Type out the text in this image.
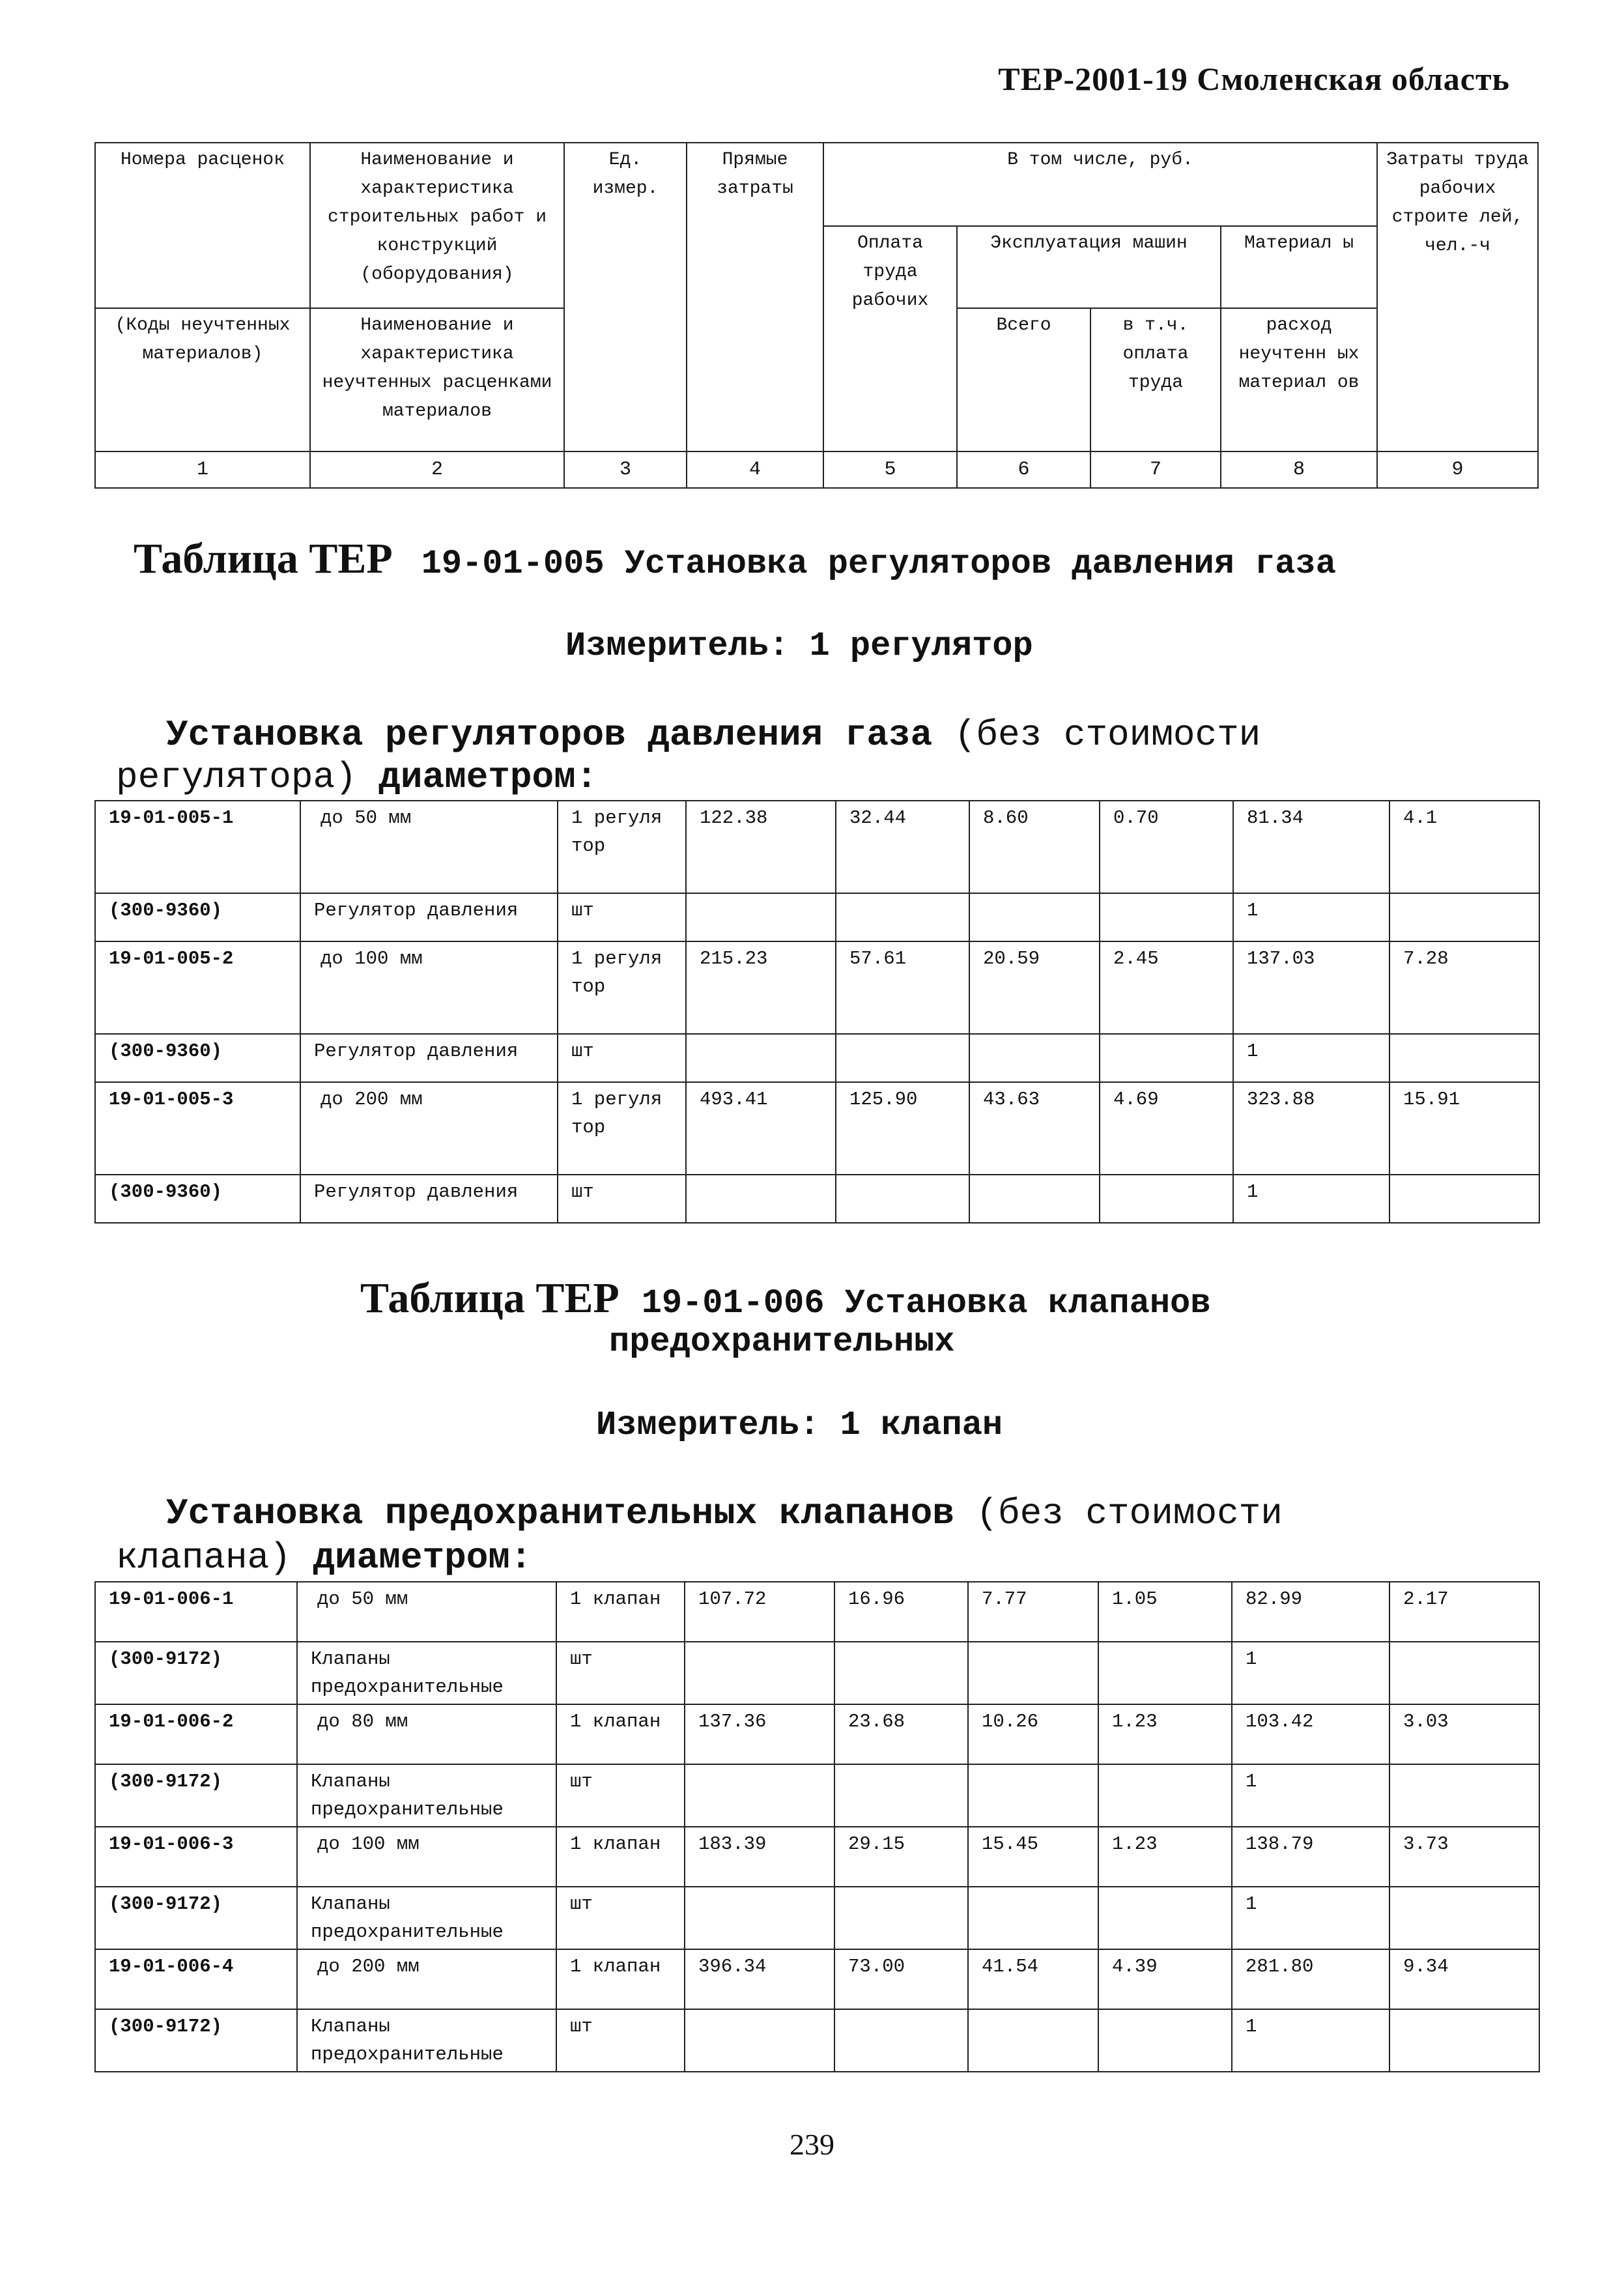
ТЕР-2001-19 Смоленская область
Номера расценок	Наименование и характеристика строительных работ и конструкций (оборудования)	Ед. измер.	Прямые затраты	В том числе, руб.				Затраты труда рабочих строите лей, чел.-ч
				Оплата труда рабочих	Эксплуатация машин		Материал ы	
(Коды неучтенных материалов)	Наименование и характеристика неучтенных расценками материалов				Всего	в т.ч. оплата труда	расход неучтенн ых материал ов	
1	2	3	4	5	6	7	8	9
Таблица ТЕР 19-01-005 Установка регуляторов давления газа
Измеритель: 1 регулятор
Установка регуляторов давления газа (без стоимости
регулятора) диаметром:
19-01-005-1	до 50 мм	1 регуля тор	122.38	32.44	8.60	0.70	81.34	4.1
(300-9360)	Регулятор давления	шт					1	
19-01-005-2	до 100 мм	1 регуля тор	215.23	57.61	20.59	2.45	137.03	7.28
(300-9360)	Регулятор давления	шт					1	
19-01-005-3	до 200 мм	1 регуля тор	493.41	125.90	43.63	4.69	323.88	15.91
(300-9360)	Регулятор давления	шт					1	
Таблица ТЕР 19-01-006 Установка клапанов
предохранительных
Измеритель: 1 клапан
Установка предохранительных клапанов (без стоимости
клапана) диаметром:
19-01-006-1	до 50 мм	1 клапан	107.72	16.96	7.77	1.05	82.99	2.17
(300-9172)	Клапаны предохранительные	шт					1	
19-01-006-2	до 80 мм	1 клапан	137.36	23.68	10.26	1.23	103.42	3.03
(300-9172)	Клапаны предохранительные	шт					1	
19-01-006-3	до 100 мм	1 клапан	183.39	29.15	15.45	1.23	138.79	3.73
(300-9172)	Клапаны предохранительные	шт					1	
19-01-006-4	до 200 мм	1 клапан	396.34	73.00	41.54	4.39	281.80	9.34
(300-9172)	Клапаны предохранительные	шт					1	
239
